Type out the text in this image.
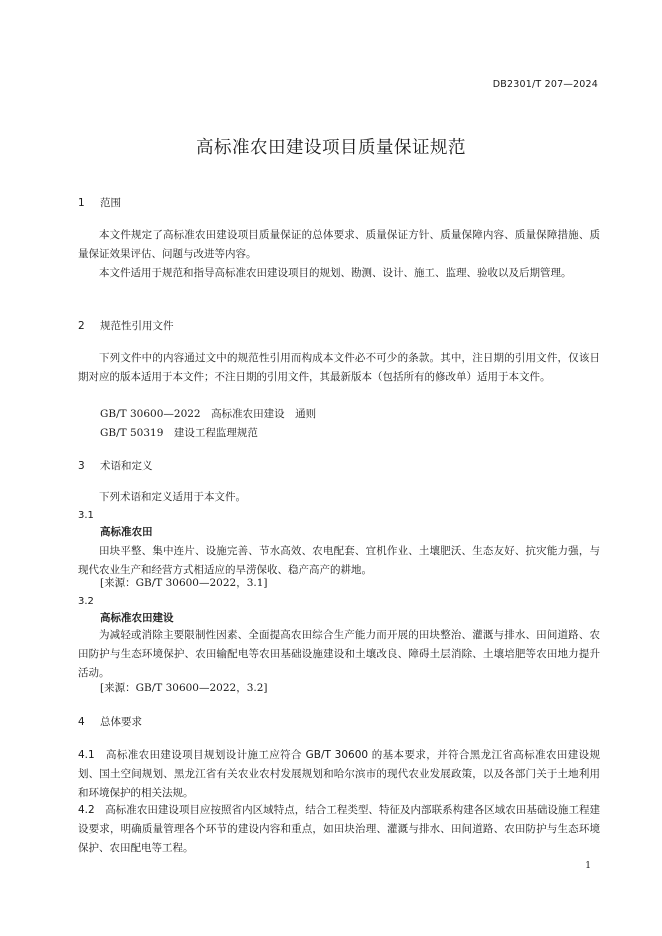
DB2301/T 207—2024
高标准农田建设项目质量保证规范
1 范围
本文件规定了高标准农田建设项目质量保证的总体要求、质量保证方针、质量保障内容、质量保障措施、质量保证效果评估、问题与改进等内容。
本文件适用于规范和指导高标准农田建设项目的规划、勘测、设计、施工、监理、验收以及后期管理。
2 规范性引用文件
下列文件中的内容通过文中的规范性引用而构成本文件必不可少的条款。其中，注日期的引用文件，仅该日期对应的版本适用于本文件；不注日期的引用文件，其最新版本（包括所有的修改单）适用于本文件。
GB/T 30600—2022　高标准农田建设　通则
GB/T 50319　建设工程监理规范
3 术语和定义
下列术语和定义适用于本文件。
3.1
高标准农田
田块平整、集中连片、设施完善、节水高效、农电配套、宜机作业、土壤肥沃、生态友好、抗灾能力强，与现代农业生产和经营方式相适应的旱涝保收、稳产高产的耕地。
[来源：GB/T 30600—2022，3.1]
3.2
高标准农田建设
为减轻或消除主要限制性因素、全面提高农田综合生产能力而开展的田块整治、灌溉与排水、田间道路、农田防护与生态环境保护、农田输配电等农田基础设施建设和土壤改良、障碍土层消除、土壤培肥等农田地力提升活动。
[来源：GB/T 30600—2022，3.2]
4 总体要求
4.1　高标准农田建设项目规划设计施工应符合 GB/T 30600 的基本要求，并符合黑龙江省高标准农田建设规划、国土空间规划、黑龙江省有关农业农村发展规划和哈尔滨市的现代农业发展政策，以及各部门关于土地利用和环境保护的相关法规。
4.2　高标准农田建设项目应按照省内区域特点，结合工程类型、特征及内部联系构建各区域农田基础设施工程建设要求，明确质量管理各个环节的建设内容和重点，如田块治理、灌溉与排水、田间道路、农田防护与生态环境保护、农田配电等工程。
1
